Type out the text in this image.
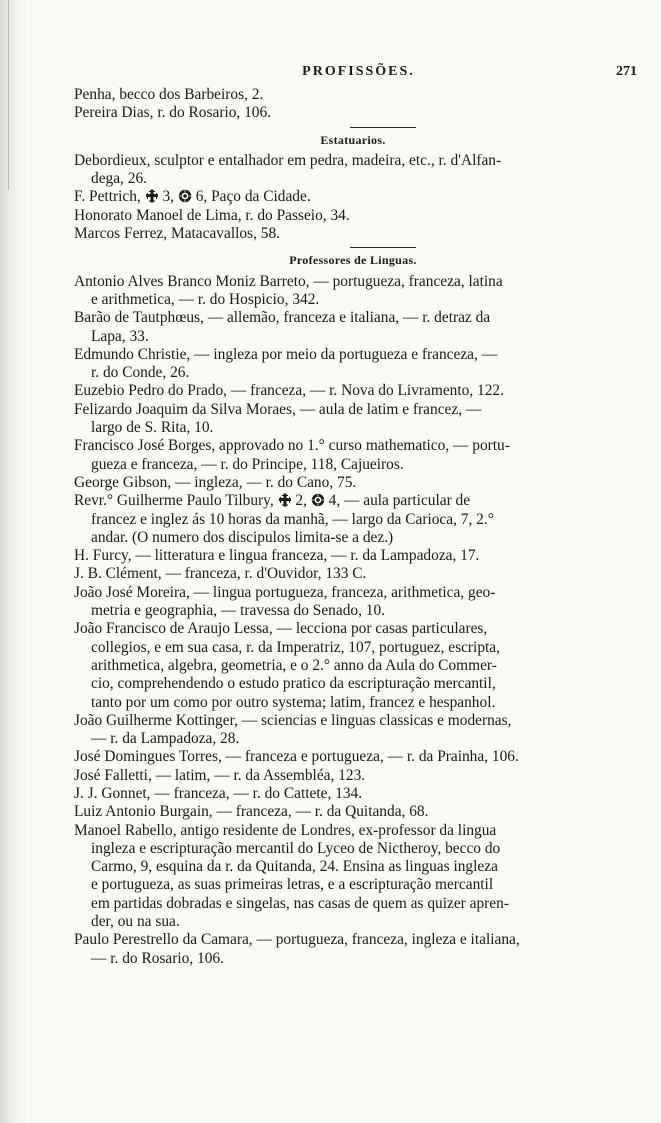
PROFISSÕES.	271

Penha, becco dos Barbeiros, 2.

Pereira Dias, r. do Rosario, 106.

Estatuarios.

Debordieux, sculptor e entalhador em pedra, madeira, etc., r. d'Alfan-
dega, 26.

F. Pettrich,  3,  6, Paço da Cidade.

Honorato Manoel de Lima, r. do Passeio, 34.

Marcos Ferrez, Matacavallos, 58.

Professores de Linguas.

Antonio Alves Branco Moniz Barreto, — portugueza, franceza, latina
e arithmetica, — r. do Hospicio, 342.

Barão de Tautphœus, — allemão, franceza e italiana, — r. detraz da
Lapa, 33.

Edmundo Christie, — ingleza por meio da portugueza e franceza, —
r. do Conde, 26.

Euzebio Pedro do Prado, — franceza, — r. Nova do Livramento, 122.

Felizardo Joaquim da Silva Moraes, — aula de latim e francez, —
largo de S. Rita, 10.

Francisco José Borges, approvado no 1.° curso mathematico, — portu-
gueza e franceza, — r. do Principe, 118, Cajueiros.

George Gibson, — ingleza, — r. do Cano, 75.

Revr.° Guilherme Paulo Tilbury,  2,  4, — aula particular de
francez e inglez ás 10 horas da manhã, — largo da Carioca, 7, 2.°
andar. (O numero dos discipulos limita-se a dez.)

H. Furcy, — litteratura e lingua franceza, — r. da Lampadoza, 17.

J. B. Clément, — franceza, r. d'Ouvidor, 133 C.

João José Moreira, — lingua portugueza, franceza, arithmetica, geo-
metria e geographia, — travessa do Senado, 10.

João Francisco de Araujo Lessa, — lecciona por casas particulares,
collegios, e em sua casa, r. da Imperatriz, 107, portuguez, escripta,
arithmetica, algebra, geometria, e o 2.° anno da Aula do Commer-
cio, comprehendendo o estudo pratico da escripturação mercantil,
tanto por um como por outro systema; latim, francez e hespanhol.

João Guilherme Kottinger, — sciencias e linguas classicas e modernas,
— r. da Lampadoza, 28.

José Domingues Torres, — franceza e portugueza, — r. da Prainha, 106.

José Falletti, — latim, — r. da Assembléa, 123.

J. J. Gonnet, — franceza, — r. do Cattete, 134.

Luiz Antonio Burgain, — franceza, — r. da Quitanda, 68.

Manoel Rabello, antigo residente de Londres, ex-professor da lingua
ingleza e escripturação mercantil do Lyceo de Nictheroy, becco do
Carmo, 9, esquina da r. da Quitanda, 24. Ensina as linguas ingleza
e portugueza, as suas primeiras letras, e a escripturação mercantil
em partidas dobradas e singelas, nas casas de quem as quizer apren-
der, ou na sua.

Paulo Perestrello da Camara, — portugueza, franceza, ingleza e italiana,
— r. do Rosario, 106.
